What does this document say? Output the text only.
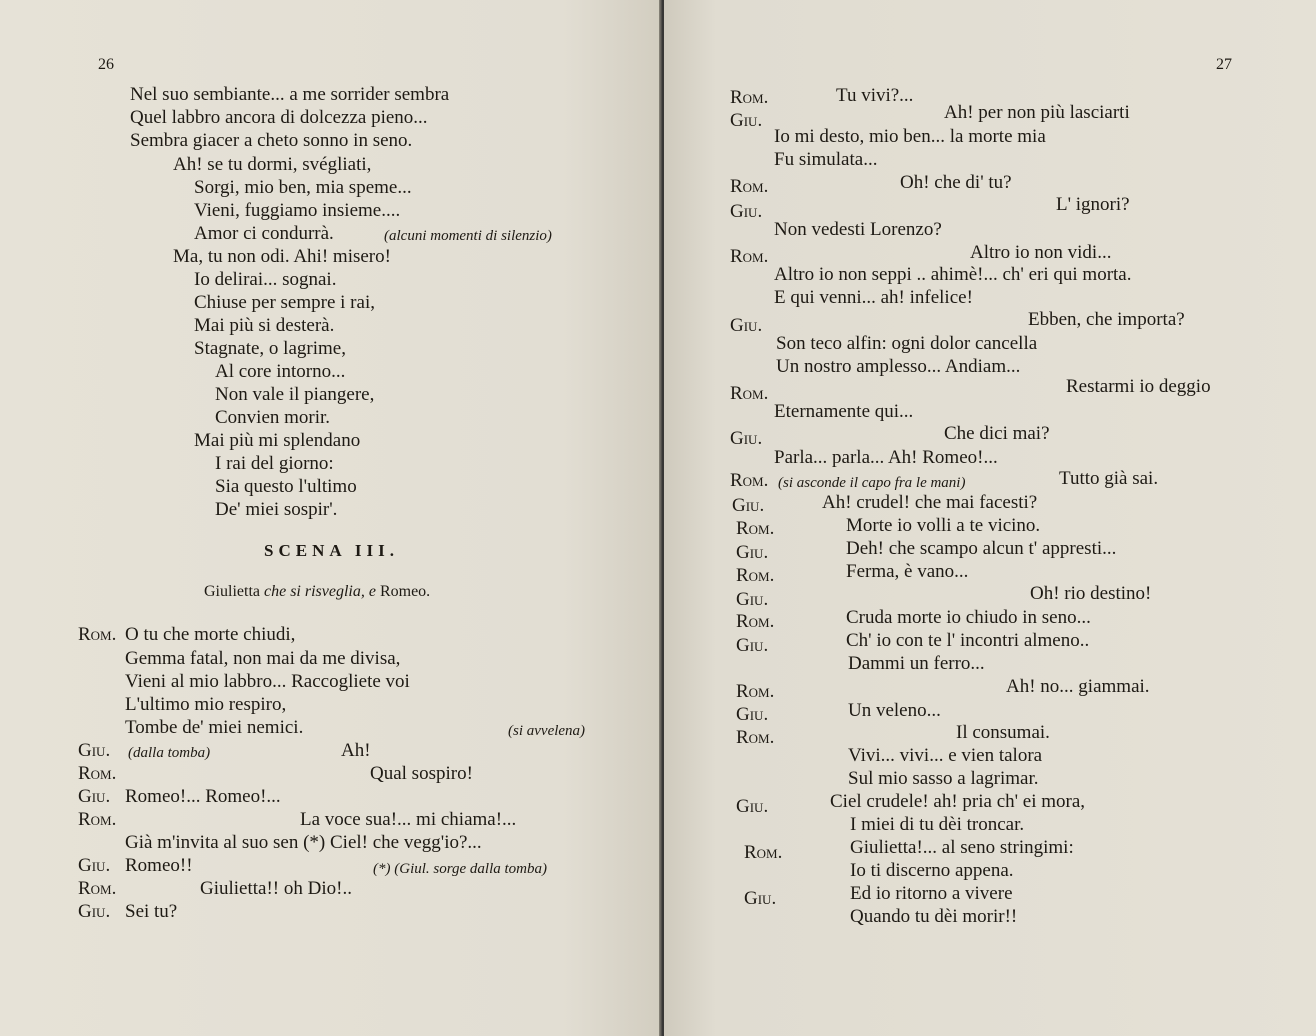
26
Nel suo sembiante... a me sorrider sembra
Quel labbro ancora di dolcezza pieno...
Sembra giacer a cheto sonno in seno.
Ah! se tu dormi, svégliati,
Sorgi, mio ben, mia speme...
Vieni, fuggiamo insieme....
Amor ci condurrà.	(alcuni momenti di silenzio)
Ma, tu non odi. Ahi! misero!
Io delirai... sognai.
Chiuse per sempre i rai,
Mai più si desterà.
Stagnate, o lagrime,
Al core intorno...
Non vale il piangere,
Convien morir.
Mai più mi splendano
I rai del giorno:
Sia questo l'ultimo
De' miei sospir'.
SCENA III.
Giulietta che si risveglia, e Romeo.
Rom. O tu che morte chiudi,
Gemma fatal, non mai da me divisa,
Vieni al mio labbro... Raccogliete voi
L'ultimo mio respiro,
Tombe de' miei nemici.	(si avvelena)
Giu. (dalla tomba)	Ah!
Rom.	Qual sospiro!
Giu. Romeo!... Romeo!...
Rom.	La voce sua!... mi chiama!...
Già m'invita al suo sen (*) Ciel! che vegg'io?...
Giu. Romeo!!	(*) (Giul. sorge dalla tomba)
Rom.	Giulietta!! oh Dio!..
Giu. Sei tu?
27
Rom.	Tu vivi?...
Giu.	Ah! per non più lasciarti
Io mi desto, mio ben... la morte mia
Fu simulata...
Rom.	Oh! che di' tu?
Giu.	L' ignori?
Non vedesti Lorenzo?
Rom.	Altro io non vidi...
Altro io non seppi .. ahimè!... ch' eri qui morta.
E qui venni... ah! infelice!
Giu.	Ebben, che importa?
Son teco alfin: ogni dolor cancella
Un nostro amplesso... Andiam...
Rom.	Restarmi io deggio
Eternamente qui...
Giu.	Che dici mai?
Parla... parla... Ah! Romeo!...
Rom. (si asconde il capo fra le mani)	Tutto già sai.
Giu.	Ah! crudel! che mai facesti?
Rom.	Morte io volli a te vicino.
Giu.	Deh! che scampo alcun t' appresti...
Rom.	Ferma, è vano...
Giu.	Oh! rio destino!
Rom.	Cruda morte io chiudo in seno...
Giu.	Ch' io con te l' incontri almeno..
Dammi un ferro...
Rom.	Ah! no... giammai.
Giu.	Un veleno...
Rom.	Il consumai.
Vivi... vivi... e vien talora
Sul mio sasso a lagrimar.
Giu.	Ciel crudele! ah! pria ch' ei mora,
I miei di tu dèi troncar.
Rom.	Giulietta!... al seno stringimi:
Io ti discerno appena.
Giu.	Ed io ritorno a vivere
Quando tu dèi morir!!
